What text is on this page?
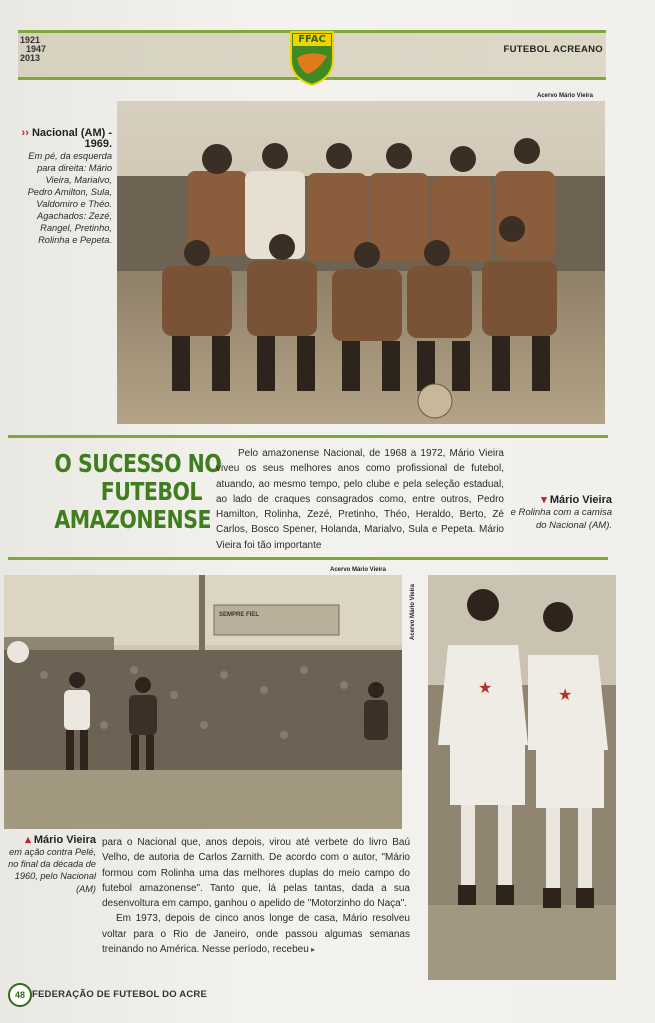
1921
1947
2013
FFAC
FUTEBOL ACREANO
Acervo Mário Vieira
›› Nacional (AM) - 1969.
Em pé, da esquerda para direita: Mário Vieira, Marialvo, Pedro Amilton, Sula, Valdomiro e Théo. Agachados: Zezé, Rangel, Pretinho, Rolinha e Pepeta.
O SUCESSO NO
FUTEBOL
AMAZONENSE
Pelo amazonense Nacional, de 1968 a 1972, Mário Vieira viveu os seus melhores anos como profissional de futebol, atuando, ao mesmo tempo, pelo clube e pela seleção estadual, ao lado de craques consagrados como, entre outros, Pedro Hamilton, Rolinha, Zezé, Pretinho, Théo, Heraldo, Berto, Zé Carlos, Bosco Spener, Holanda, Marialvo, Sula e Pepeta. Mário Vieira foi tão importante
▾ Mário Vieira
e Rolinha com a camisa do Nacional (AM).
Acervo Mário Vieira
SEMPRE FIEL	Acervo Mário Vieira
★	★
▴ Mário Vieira
em ação contra Pelé, no final da década de 1960, pelo Nacional (AM)
para o Nacional que, anos depois, virou até verbete do livro Baú Velho, de autoria de Carlos Zarnith. De acordo com o autor, "Mário formou com Rolinha uma das melhores duplas do meio campo do futebol amazonense". Tanto que, lá pelas tantas, dada a sua desenvoltura em campo, ganhou o apelido de "Motorzinho do Naça".
Em 1973, depois de cinco anos longe de casa, Mário resolveu voltar para o Rio de Janeiro, onde passou algumas semanas treinando no América. Nesse período, recebeu ▸
48 FEDERAÇÃO DE FUTEBOL DO ACRE
